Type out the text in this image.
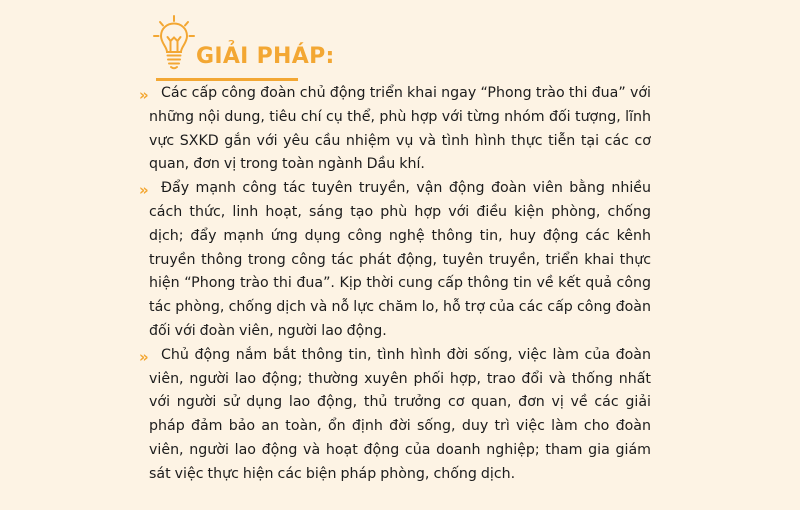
GIẢI PHÁP:
» Các cấp công đoàn chủ động triển khai ngay “Phong trào thi đua” với những nội dung, tiêu chí cụ thể, phù hợp với từng nhóm đối tượng, lĩnh vực SXKD gắn với yêu cầu nhiệm vụ và tình hình thực tiễn tại các cơ quan, đơn vị trong toàn ngành Dầu khí.
» Đẩy mạnh công tác tuyên truyền, vận động đoàn viên bằng nhiều cách thức, linh hoạt, sáng tạo phù hợp với điều kiện phòng, chống dịch; đẩy mạnh ứng dụng công nghệ thông tin, huy động các kênh truyền thông trong công tác phát động, tuyên truyền, triển khai thực hiện “Phong trào thi đua”. Kịp thời cung cấp thông tin về kết quả công tác phòng, chống dịch và nỗ lực chăm lo, hỗ trợ của các cấp công đoàn đối với đoàn viên, người lao động.
» Chủ động nắm bắt thông tin, tình hình đời sống, việc làm của đoàn viên, người lao động; thường xuyên phối hợp, trao đổi và thống nhất với người sử dụng lao động, thủ trưởng cơ quan, đơn vị về các giải pháp đảm bảo an toàn, ổn định đời sống, duy trì việc làm cho đoàn viên, người lao động và hoạt động của doanh nghiệp; tham gia giám sát việc thực hiện các biện pháp phòng, chống dịch.
